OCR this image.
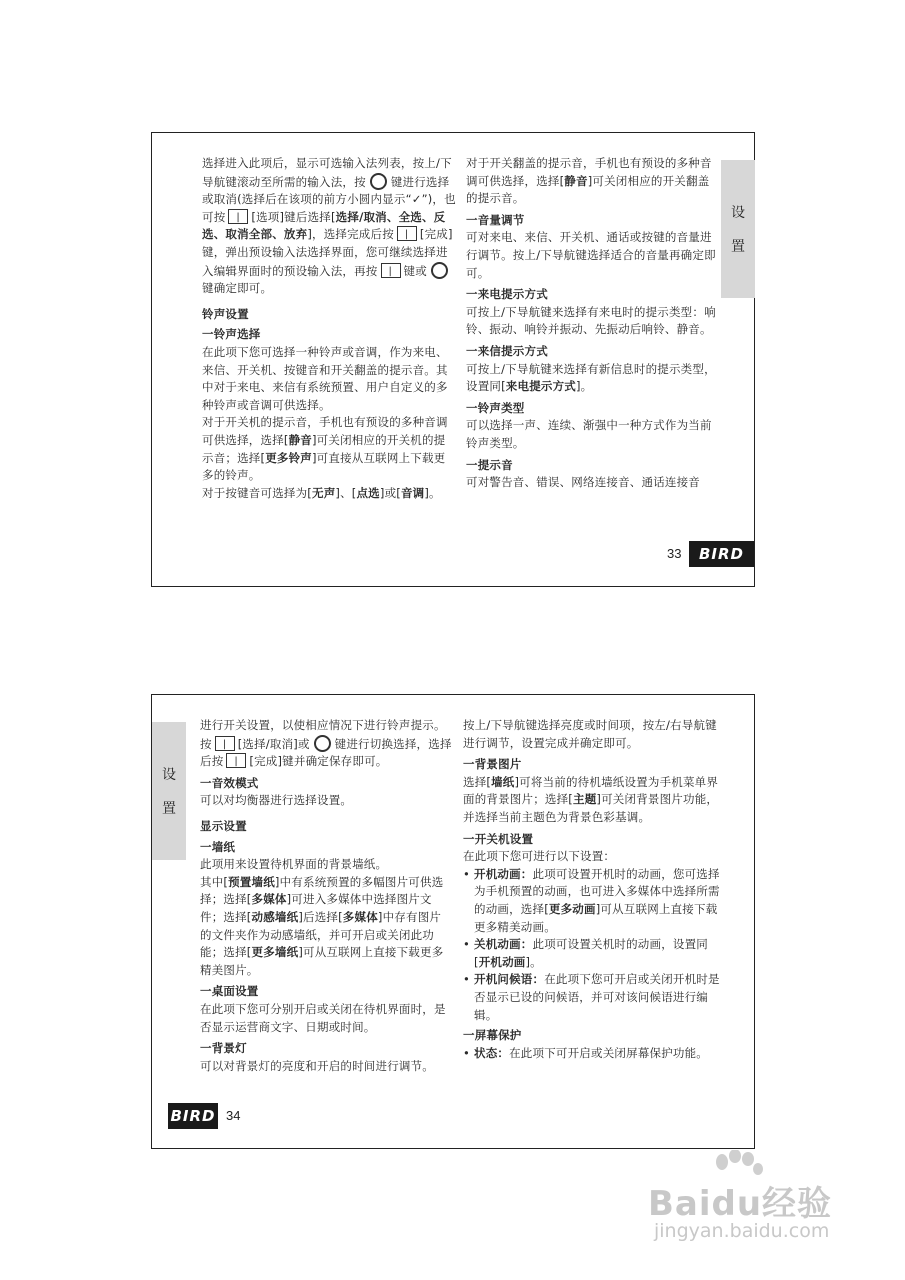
选择进入此项后，显示可选输入法列表，按上/下导航键滚动至所需的输入法，按 键进行选择或取消(选择后在该项的前方小圆内显示“✓”)，也可按 | [选项]键后选择[选择/取消、全选、反选、取消全部、放弃]，选择完成后按 | [完成]键，弹出预设输入法选择界面，您可继续选择进入编辑界面时的预设输入法，再按 | 键或键确定即可。

铃声设置

一铃声选择

在此项下您可选择一种铃声或音调，作为来电、来信、开关机、按键音和开关翻盖的提示音。其中对于来电、来信有系统预置、用户自定义的多种铃声或音调可供选择。

对于开关机的提示音，手机也有预设的多种音调可供选择，选择[静音]可关闭相应的开关机的提示音；选择[更多铃声]可直接从互联网上下载更多的铃声。

对于按键音可选择为[无声]、[点选]或[音调]。

对于开关翻盖的提示音，手机也有预设的多种音调可供选择，选择[静音]可关闭相应的开关翻盖的提示音。

一音量调节

可对来电、来信、开关机、通话或按键的音量进行调节。按上/下导航键选择适合的音量再确定即可。

一来电提示方式

可按上/下导航键来选择有来电时的提示类型：响铃、振动、响铃并振动、先振动后响铃、静音。

一来信提示方式

可按上/下导航键来选择有新信息时的提示类型，设置同[来电提示方式]。

一铃声类型

可以选择一声、连续、渐强中一种方式作为当前铃声类型。

一提示音

可对警告音、错误、网络连接音、通话连接音

设
置
33	BIRD
设
置

进行开关设置，以使相应情况下进行铃声提示。按 | [选择/取消]或 键进行切换选择，选择后按 | [完成]键并确定保存即可。

一音效模式

可以对均衡器进行选择设置。

显示设置

一墙纸

此项用来设置待机界面的背景墙纸。

其中[预置墙纸]中有系统预置的多幅图片可供选择；选择[多媒体]可进入多媒体中选择图片文件；选择[动感墙纸]后选择[多媒体]中存有图片的文件夹作为动感墙纸，并可开启或关闭此功能；选择[更多墙纸]可从互联网上直接下载更多精美图片。

一桌面设置

在此项下您可分别开启或关闭在待机界面时，是否显示运营商文字、日期或时间。

一背景灯

可以对背景灯的亮度和开启的时间进行调节。

按上/下导航键选择亮度或时间项，按左/右导航键进行调节，设置完成并确定即可。

一背景图片

选择[墙纸]可将当前的待机墙纸设置为手机菜单界面的背景图片；选择[主题]可关闭背景图片功能，并选择当前主题色为背景色彩基调。

一开关机设置

在此项下您可进行以下设置：

• 开机动画：此项可设置开机时的动画，您可选择为手机预置的动画，也可进入多媒体中选择所需的动画，选择[更多动画]可从互联网上直接下载更多精美动画。

• 关机动画：此项可设置关机时的动画，设置同[开机动画]。

• 开机问候语：在此项下您可开启或关闭开机时是否显示已设的问候语，并可对该问候语进行编辑。

一屏幕保护

• 状态：在此项下可开启或关闭屏幕保护功能。

BIRD 34
Baidu经验
jingyan.baidu.com
